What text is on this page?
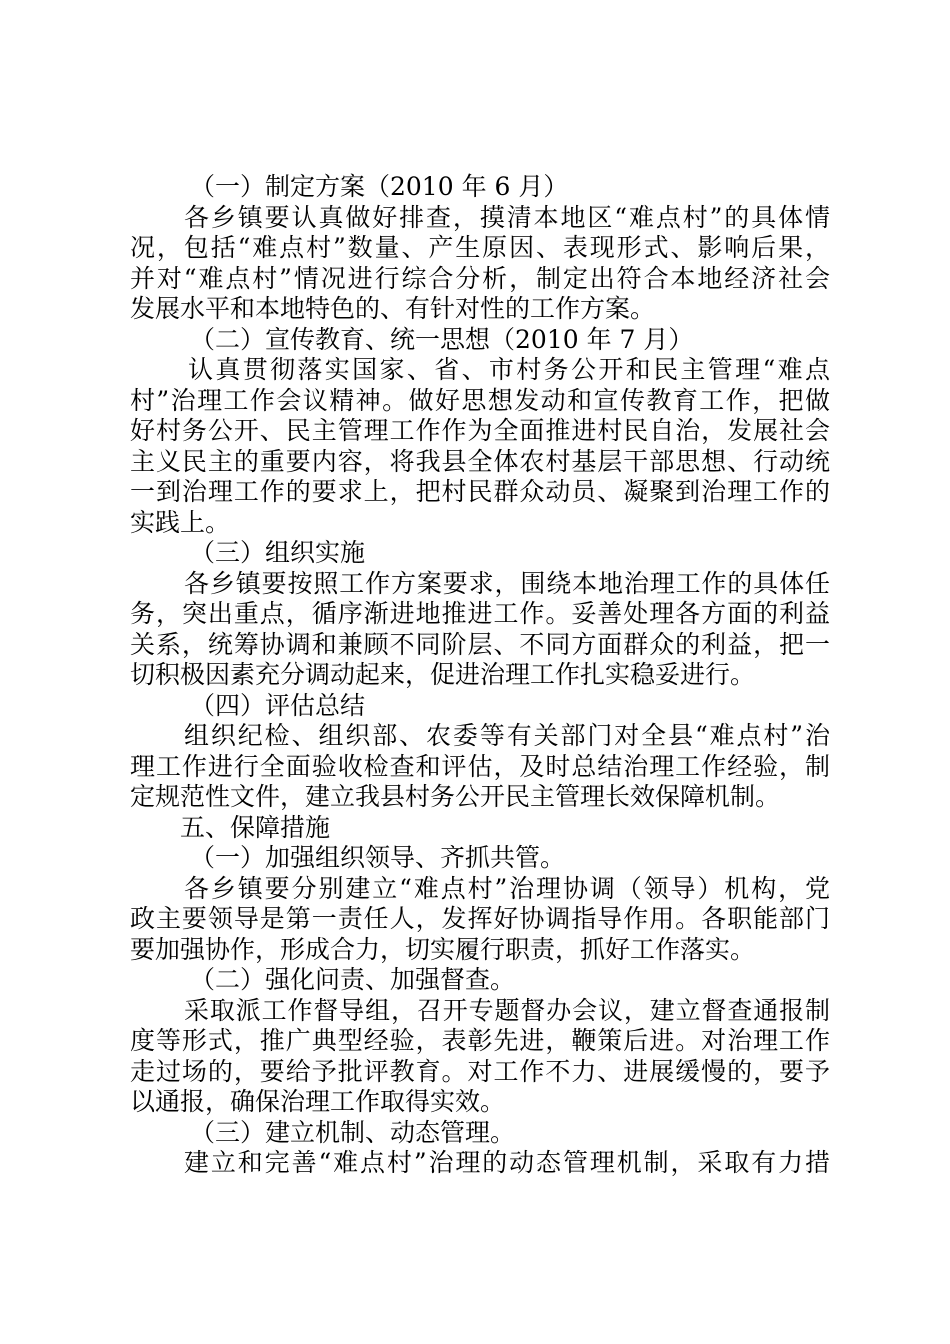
（一）制定方案（2010 年 6 月）
各乡镇要认真做好排查，摸清本地区“难点村”的具体情
况，包括“难点村”数量、产生原因、表现形式、影响后果，
并对“难点村”情况进行综合分析，制定出符合本地经济社会
发展水平和本地特色的、有针对性的工作方案。
（二）宣传教育、统一思想（2010 年 7 月）
认真贯彻落实国家、省、市村务公开和民主管理“难点
村”治理工作会议精神。做好思想发动和宣传教育工作，把做
好村务公开、民主管理工作作为全面推进村民自治，发展社会
主义民主的重要内容，将我县全体农村基层干部思想、行动统
一到治理工作的要求上，把村民群众动员、凝聚到治理工作的
实践上。
（三）组织实施
各乡镇要按照工作方案要求，围绕本地治理工作的具体任
务，突出重点，循序渐进地推进工作。妥善处理各方面的利益
关系，统筹协调和兼顾不同阶层、不同方面群众的利益，把一
切积极因素充分调动起来，促进治理工作扎实稳妥进行。
（四）评估总结
组织纪检、组织部、农委等有关部门对全县“难点村”治
理工作进行全面验收检查和评估，及时总结治理工作经验，制
定规范性文件，建立我县村务公开民主管理长效保障机制。
五、保障措施
（一）加强组织领导、齐抓共管。
各乡镇要分别建立“难点村”治理协调（领导）机构，党
政主要领导是第一责任人，发挥好协调指导作用。各职能部门
要加强协作，形成合力，切实履行职责，抓好工作落实。
（二）强化问责、加强督查。
采取派工作督导组，召开专题督办会议，建立督查通报制
度等形式，推广典型经验，表彰先进，鞭策后进。对治理工作
走过场的，要给予批评教育。对工作不力、进展缓慢的，要予
以通报，确保治理工作取得实效。
（三）建立机制、动态管理。
建立和完善“难点村”治理的动态管理机制，采取有力措
